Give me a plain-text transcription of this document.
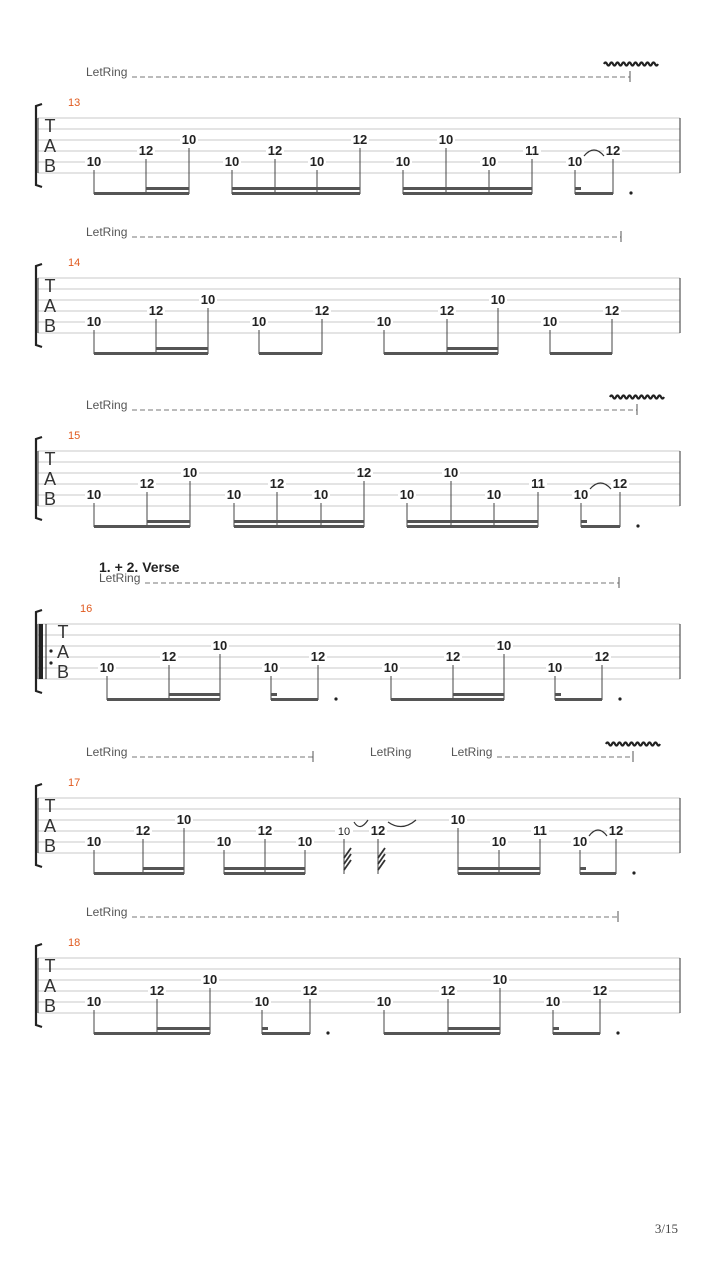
LetRing
13
T
A
B 10
12
10
10
12
10
12
10
10
10
11
10
12
LetRing
14
T
A
B 10
12
10
10
12
10
12
10
10
12
LetRing
15
T
A
B 10
12
10
10
12
10
12
10
10
10
11
10
12
LetRing
1. + 2. Verse
16
T
A
B 10
12
10
10
12
10
12
10
10
12
LetRing	LetRing	LetRing
17
T
A
B 10
12
10
10
12
10
10 12
10
10
11
10
12
LetRing
18
T
A
B 10
12
10
10
12
10
12
10
10
12
3/15
